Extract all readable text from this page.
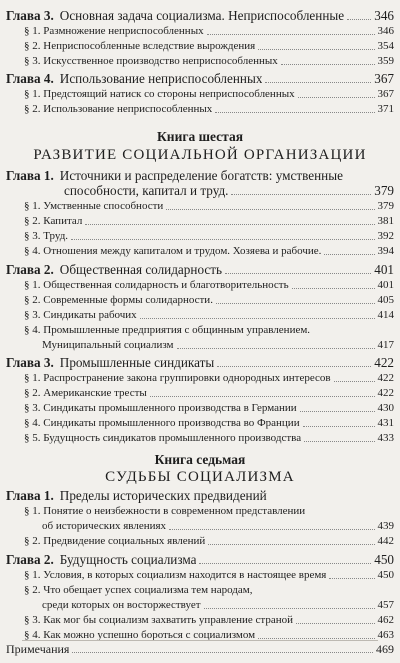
Глава 3. Основная задача социализма. Неприспособленные 346
§ 1. Размножение неприспособленных	346
§ 2. Неприспособленные вследствие вырождения	354
§ 3. Искусственное производство неприспособленных	359
Глава 4. Использование неприспособленных	367
§ 1. Предстоящий натиск со стороны неприспособленных	367
§ 2. Использование неприспособленных	371
Книга шестая
РАЗВИТИЕ СОЦИАЛЬНОЙ ОРГАНИЗАЦИИ
Глава 1. Источники и распределение богатств: умственные
способности, капитал и труд.	379
§ 1. Умственные способности	379
§ 2. Капитал	381
§ 3. Труд.	392
§ 4. Отношения между капиталом и трудом. Хозяева и рабочие.	394
Глава 2. Общественная солидарность	401
§ 1. Общественная солидарность и благотворительность	401
§ 2. Современные формы солидарности.	405
§ 3. Синдикаты рабочих	414
§ 4. Промышленные предприятия с общинным управлением.
Муниципальный социализм	417
Глава 3. Промышленные синдикаты	422
§ 1. Распространение закона группировки однородных интересов	422
§ 2. Американские тресты	422
§ 3. Синдикаты промышленного производства в Германии	430
§ 4. Синдикаты промышленного производства во Франции	431
§ 5. Будущность синдикатов промышленного производства	433
Книга седьмая
СУДЬБЫ СОЦИАЛИЗМА
Глава 1. Пределы исторических предвидений
§ 1. Понятие о неизбежности в современном представлении
об исторических явлениях	439
§ 2. Предвидение социальных явлений	442
Глава 2. Будущность социализма	450
§ 1. Условия, в которых социализм находится в настоящее время	450
§ 2. Что обещает успех социализма тем народам,
среди которых он восторжествует	457
§ 3. Как мог бы социализм захватить управление страной	462
§ 4. Как можно успешно бороться с социализмом	463
Примечания	469
